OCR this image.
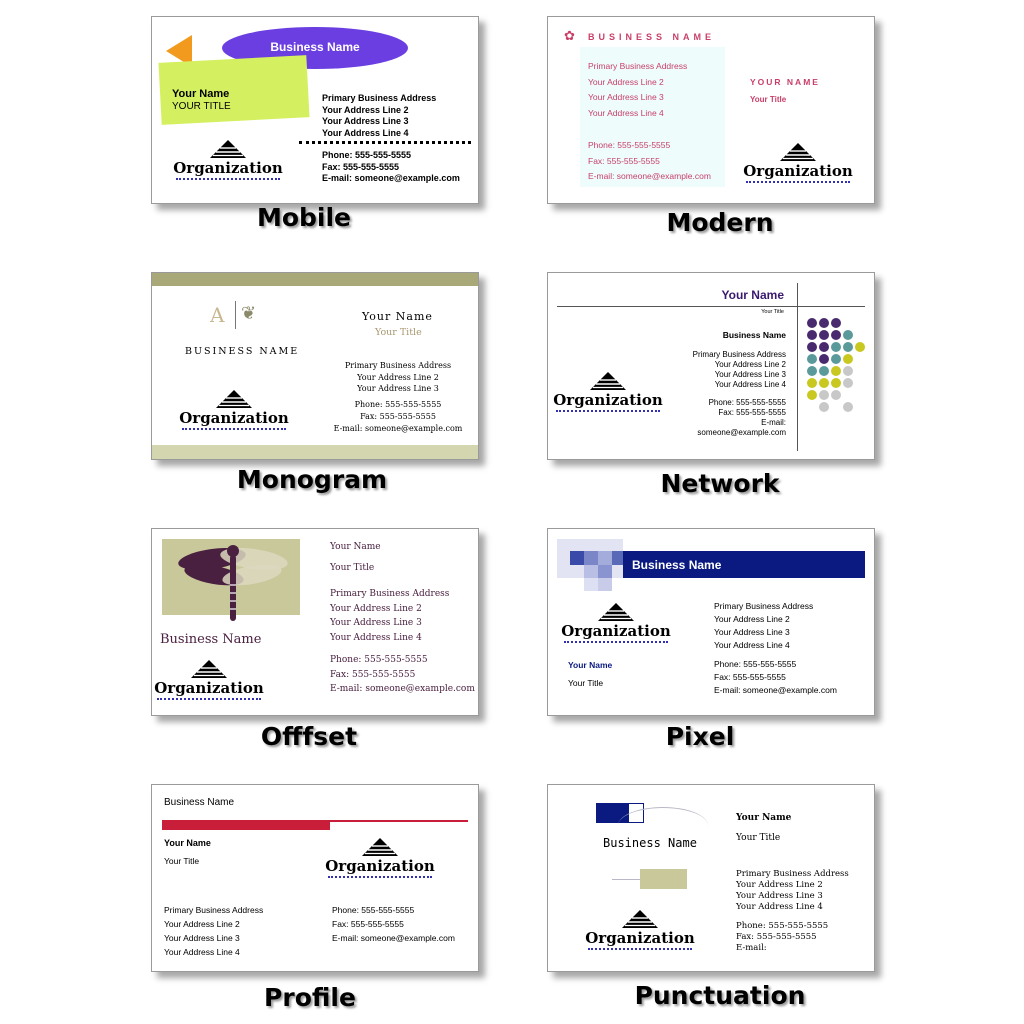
Business Name
Your Name
YOUR TITLE
Primary Business Address
Your Address Line 2
Your Address Line 3
Your Address Line 4
Phone: 555-555-5555
Fax: 555-555-5555
E-mail: someone@example.com
Organization
Mobile
✿ BUSINESS NAME
Primary Business Address
Your Address Line 2
Your Address Line 3
Your Address Line 4
Phone: 555-555-5555
Fax: 555-555-5555
E-mail: someone@example.com
YOUR NAME
Your Title
Organization
Modern
A ❦
BUSINESS NAME
Your Name
Your Title
Primary Business Address
Your Address Line 2
Your Address Line 3
Phone: 555-555-5555
Fax: 555-555-5555
E-mail: someone@example.com
Organization
Monogram
Your Name
Your Title
Business Name
Primary Business Address
Your Address Line 2
Your Address Line 3
Your Address Line 4
Phone: 555-555-5555
Fax: 555-555-5555
E-mail:
someone@example.com
Organization
Network
Business Name
Your Name
Your Title
Primary Business Address
Your Address Line 2
Your Address Line 3
Your Address Line 4
Phone: 555-555-5555
Fax: 555-555-5555
E-mail: someone@example.com
Organization
Offfset
Business Name
Primary Business Address
Your Address Line 2
Your Address Line 3
Your Address Line 4
Phone: 555-555-5555
Fax: 555-555-5555
E-mail: someone@example.com
Your Name
Your Title
Organization
Pixel
Business Name
Your Name
Your Title
Primary Business Address
Your Address Line 2
Your Address Line 3
Your Address Line 4
Phone: 555-555-5555
Fax: 555-555-5555
E-mail: someone@example.com
Organization
Profile
Business Name
Your Name
Your Title
Primary Business Address
Your Address Line 2
Your Address Line 3
Your Address Line 4
Phone: 555-555-5555
Fax: 555-555-5555
E-mail:
Organization
Punctuation
